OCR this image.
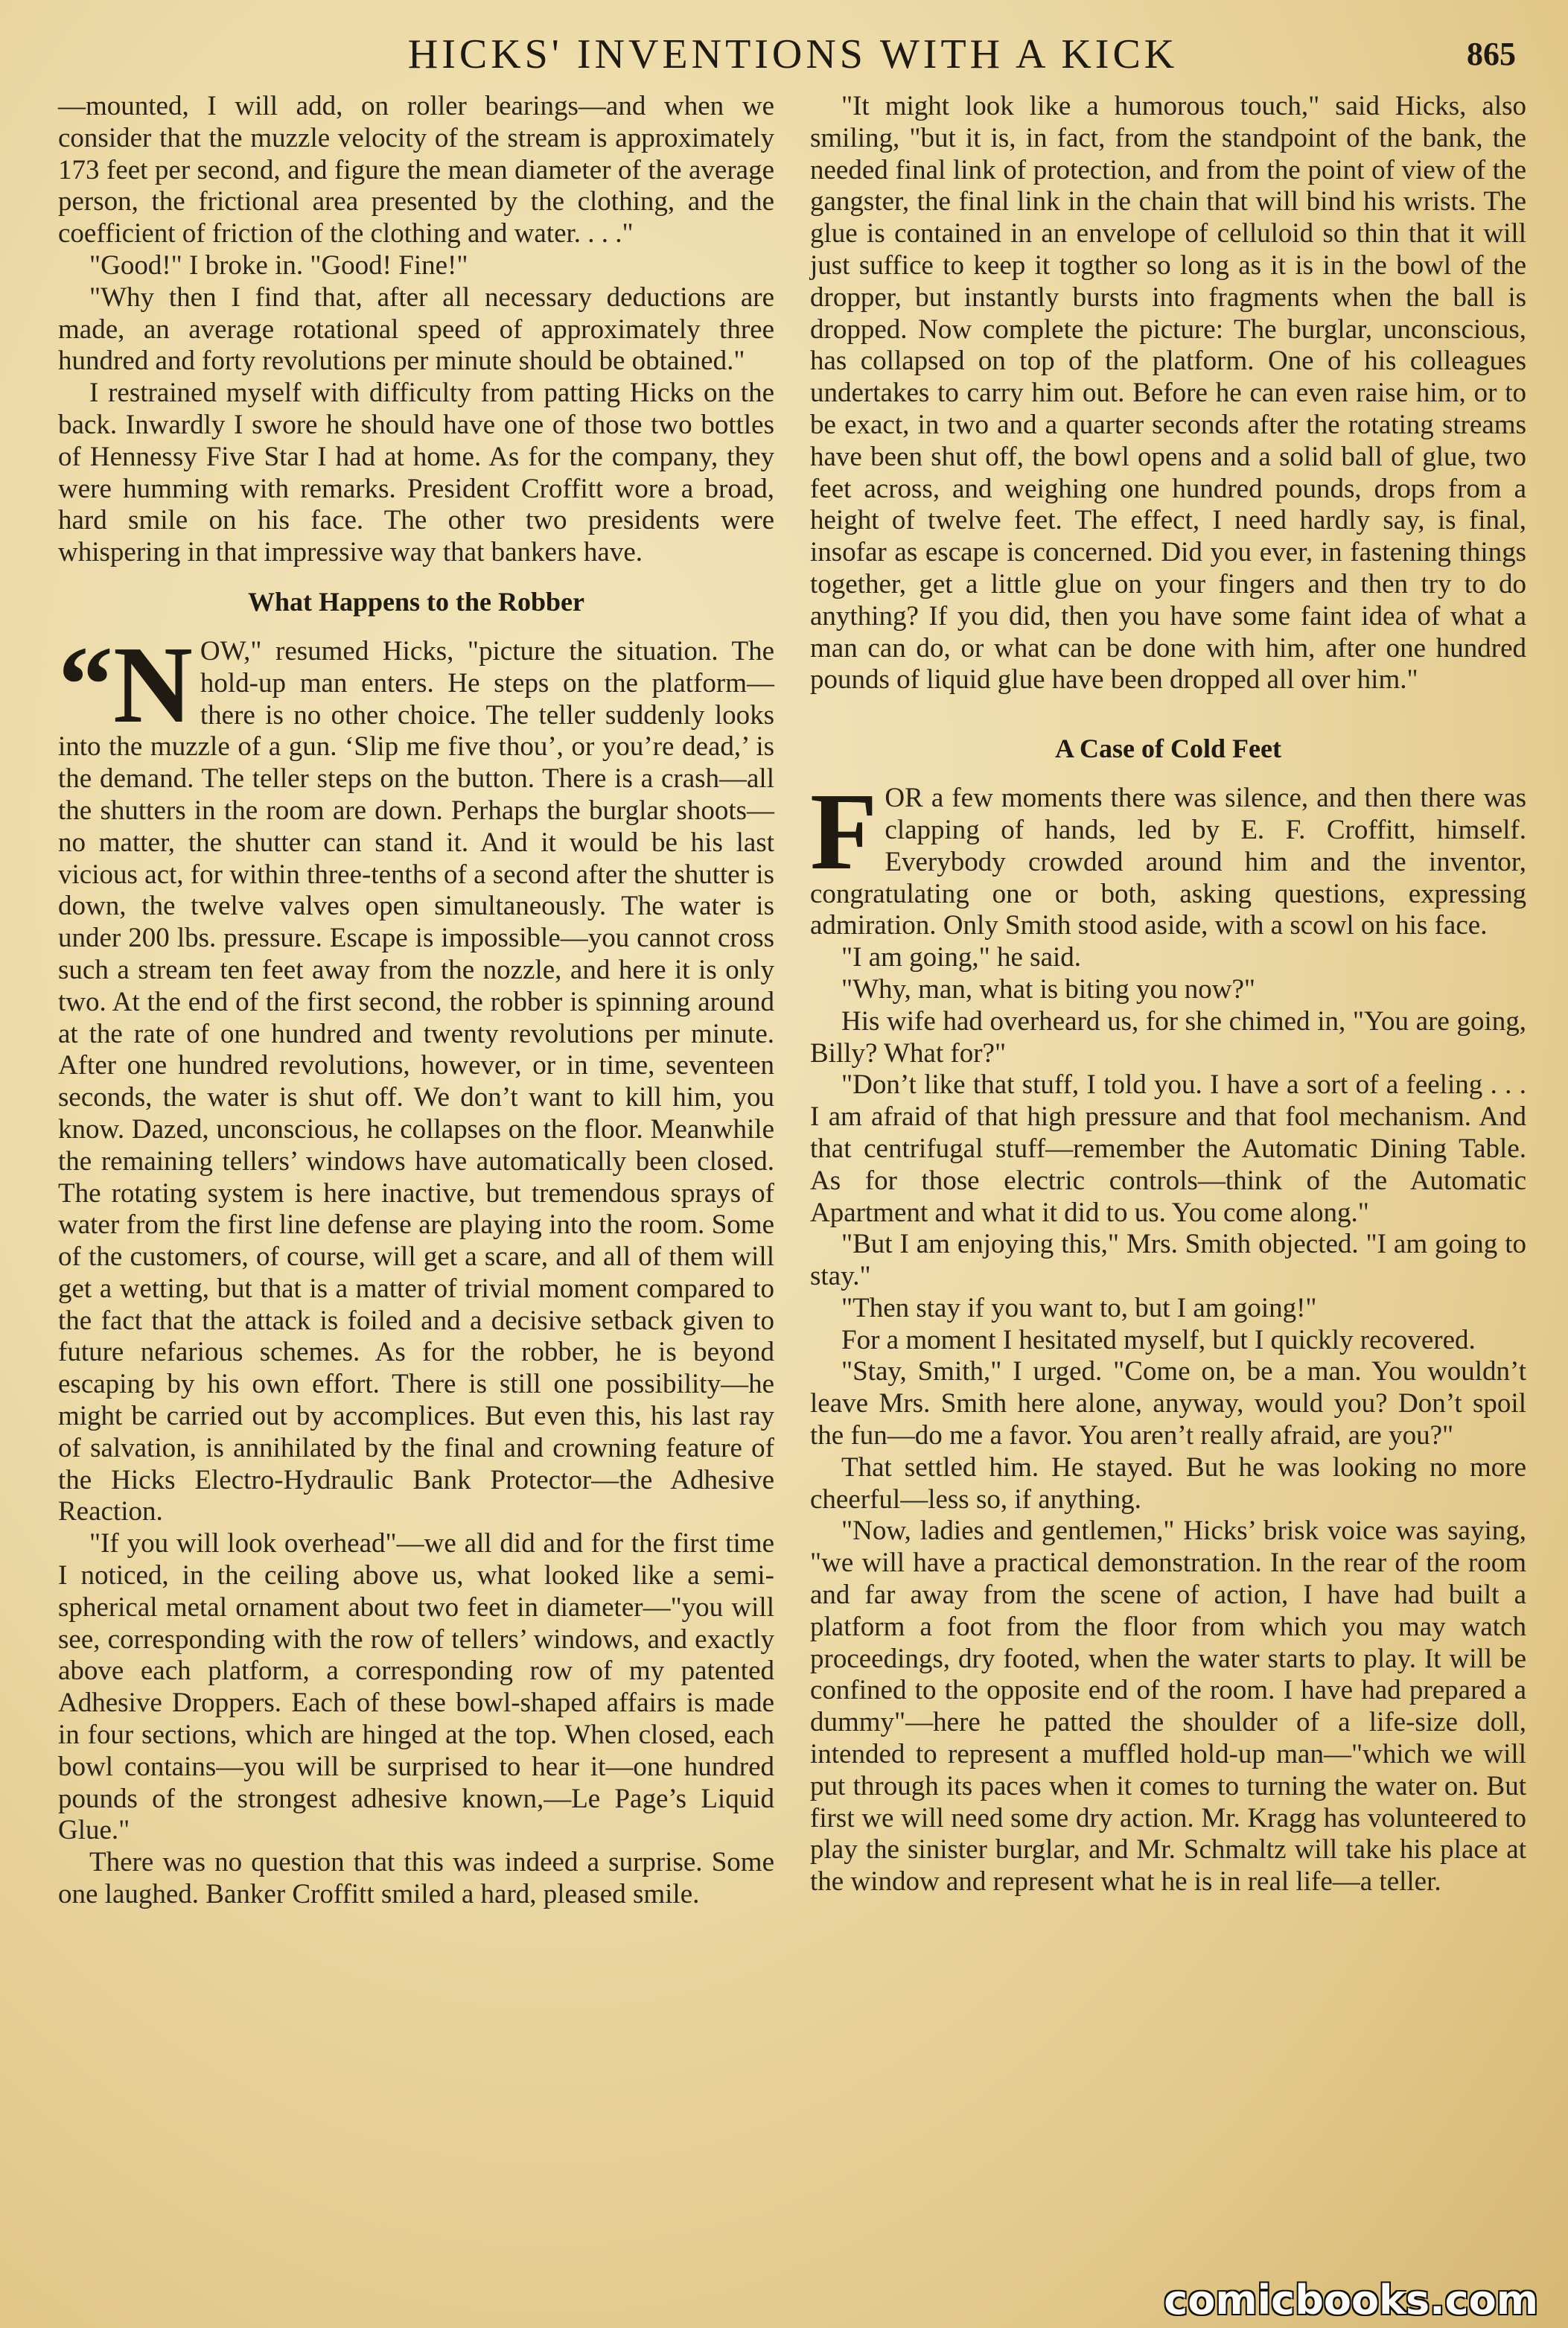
HICKS' INVENTIONS WITH A KICK	865

—mounted, I will add, on roller bearings—and when we consider that the muzzle velocity of the stream is approximately 173 feet per second, and figure the mean diameter of the average person, the frictional area presented by the clothing, and the coefficient of friction of the clothing and water. . . ."

"Good!" I broke in. "Good! Fine!"

"Why then I find that, after all necessary deductions are made, an average rotational speed of approximately three hundred and forty revolutions per minute should be obtained."

I restrained myself with difficulty from patting Hicks on the back. Inwardly I swore he should have one of those two bottles of Hennessy Five Star I had at home. As for the company, they were humming with remarks. President Croffitt wore a broad, hard smile on his face. The other two presidents were whispering in that impressive way that bankers have.

What Happens to the Robber

“N OW," resumed Hicks, "picture the situation. The hold-up man enters. He steps on the platform—there is no other choice. The teller suddenly looks into the muzzle of a gun. ‘Slip me five thou’, or you’re dead,’ is the demand. The teller steps on the button. There is a crash—all the shutters in the room are down. Perhaps the burglar shoots—no matter, the shutter can stand it. And it would be his last vicious act, for within three-tenths of a second after the shutter is down, the twelve valves open simultaneously. The water is under 200 lbs. pressure. Escape is impossible—you cannot cross such a stream ten feet away from the nozzle, and here it is only two. At the end of the first second, the robber is spinning around at the rate of one hundred and twenty revolutions per minute. After one hundred revolutions, however, or in time, seventeen seconds, the water is shut off. We don’t want to kill him, you know. Dazed, unconscious, he collapses on the floor. Meanwhile the remaining tellers’ windows have automatically been closed. The rotating system is here inactive, but tremendous sprays of water from the first line defense are playing into the room. Some of the customers, of course, will get a scare, and all of them will get a wetting, but that is a matter of trivial moment compared to the fact that the attack is foiled and a decisive setback given to future nefarious schemes. As for the robber, he is beyond escaping by his own effort. There is still one possibility—he might be carried out by accomplices. But even this, his last ray of salvation, is annihilated by the final and crowning feature of the Hicks Electro-Hydraulic Bank Protector—the Adhesive Reaction.

"If you will look overhead"—we all did and for the first time I noticed, in the ceiling above us, what looked like a semi-spherical metal ornament about two feet in diameter—"you will see, corresponding with the row of tellers’ windows, and exactly above each platform, a corresponding row of my patented Adhesive Droppers. Each of these bowl-shaped affairs is made in four sections, which are hinged at the top. When closed, each bowl contains—you will be surprised to hear it—one hundred pounds of the strongest adhesive known,—Le Page’s Liquid Glue."

There was no question that this was indeed a surprise. Some one laughed. Banker Croffitt smiled a hard, pleased smile.

"It might look like a humorous touch," said Hicks, also smiling, "but it is, in fact, from the standpoint of the bank, the needed final link of protection, and from the point of view of the gangster, the final link in the chain that will bind his wrists. The glue is contained in an envelope of celluloid so thin that it will just suffice to keep it togther so long as it is in the bowl of the dropper, but instantly bursts into fragments when the ball is dropped. Now complete the picture: The burglar, unconscious, has collapsed on top of the platform. One of his colleagues undertakes to carry him out. Before he can even raise him, or to be exact, in two and a quarter seconds after the rotating streams have been shut off, the bowl opens and a solid ball of glue, two feet across, and weighing one hundred pounds, drops from a height of twelve feet. The effect, I need hardly say, is final, insofar as escape is concerned. Did you ever, in fastening things together, get a little glue on your fingers and then try to do anything? If you did, then you have some faint idea of what a man can do, or what can be done with him, after one hundred pounds of liquid glue have been dropped all over him."

A Case of Cold Feet

FOR a few moments there was silence, and then there was clapping of hands, led by E. F. Croffitt, himself. Everybody crowded around him and the inventor, congratulating one or both, asking questions, expressing admiration. Only Smith stood aside, with a scowl on his face.

"I am going," he said.

"Why, man, what is biting you now?"

His wife had overheard us, for she chimed in, "You are going, Billy? What for?"

"Don’t like that stuff, I told you. I have a sort of a feeling . . . I am afraid of that high pressure and that fool mechanism. And that centrifugal stuff—remember the Automatic Dining Table. As for those electric controls—think of the Automatic Apartment and what it did to us. You come along."

"But I am enjoying this," Mrs. Smith objected. "I am going to stay."

"Then stay if you want to, but I am going!"

For a moment I hesitated myself, but I quickly recovered.

"Stay, Smith," I urged. "Come on, be a man. You wouldn’t leave Mrs. Smith here alone, anyway, would you? Don’t spoil the fun—do me a favor. You aren’t really afraid, are you?"

That settled him. He stayed. But he was looking no more cheerful—less so, if anything.

"Now, ladies and gentlemen," Hicks’ brisk voice was saying, "we will have a practical demonstration. In the rear of the room and far away from the scene of action, I have had built a platform a foot from the floor from which you may watch proceedings, dry footed, when the water starts to play. It will be confined to the opposite end of the room. I have had prepared a dummy"—here he patted the shoulder of a life-size doll, intended to represent a muffled hold-up man—"which we will put through its paces when it comes to turning the water on. But first we will need some dry action. Mr. Kragg has volunteered to play the sinister burglar, and Mr. Schmaltz will take his place at the window and represent what he is in real life—a teller.

comicbooks.com
